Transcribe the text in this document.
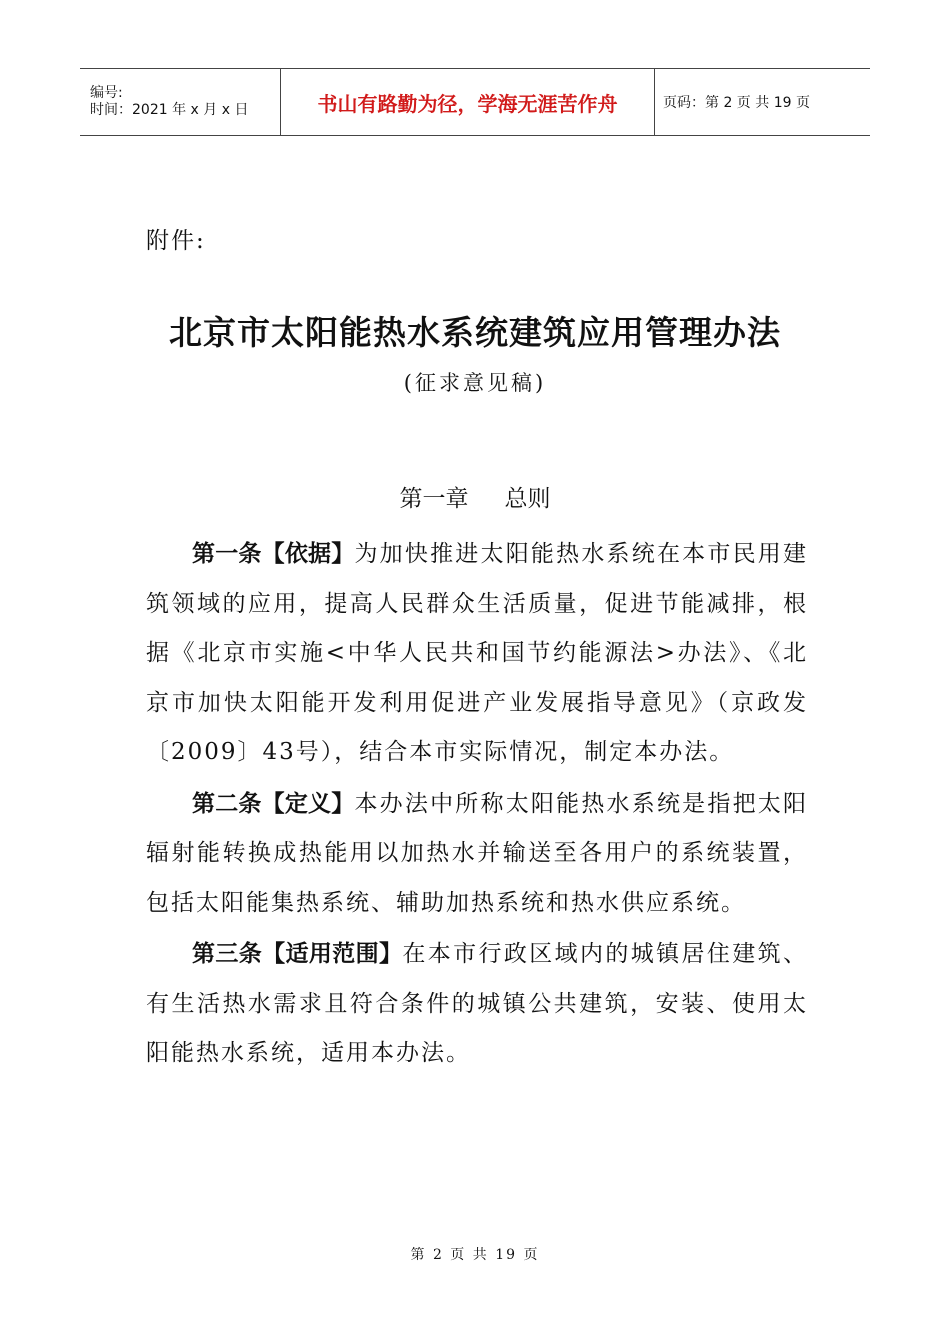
编号:
时间：2021 年 x 月 x 日	书山有路勤为径，学海无涯苦作舟	页码：第 2 页 共 19 页
附件:
北京市太阳能热水系统建筑应用管理办法
(征求意见稿)
第一章 总则

第一条【依据】为加快推进太阳能热水系统在本市民用建筑领域的应用，提高人民群众生活质量，促进节能减排，根据《北京市实施<中华人民共和国节约能源法>办法》、《北京市加快太阳能开发利用促进产业发展指导意见》（京政发〔2009〕43号），结合本市实际情况，制定本办法。

第二条【定义】本办法中所称太阳能热水系统是指把太阳辐射能转换成热能用以加热水并输送至各用户的系统装置，包括太阳能集热系统、辅助加热系统和热水供应系统。

第三条【适用范围】在本市行政区域内的城镇居住建筑、有生活热水需求且符合条件的城镇公共建筑，安装、使用太阳能热水系统，适用本办法。

第 2 页 共 19 页
